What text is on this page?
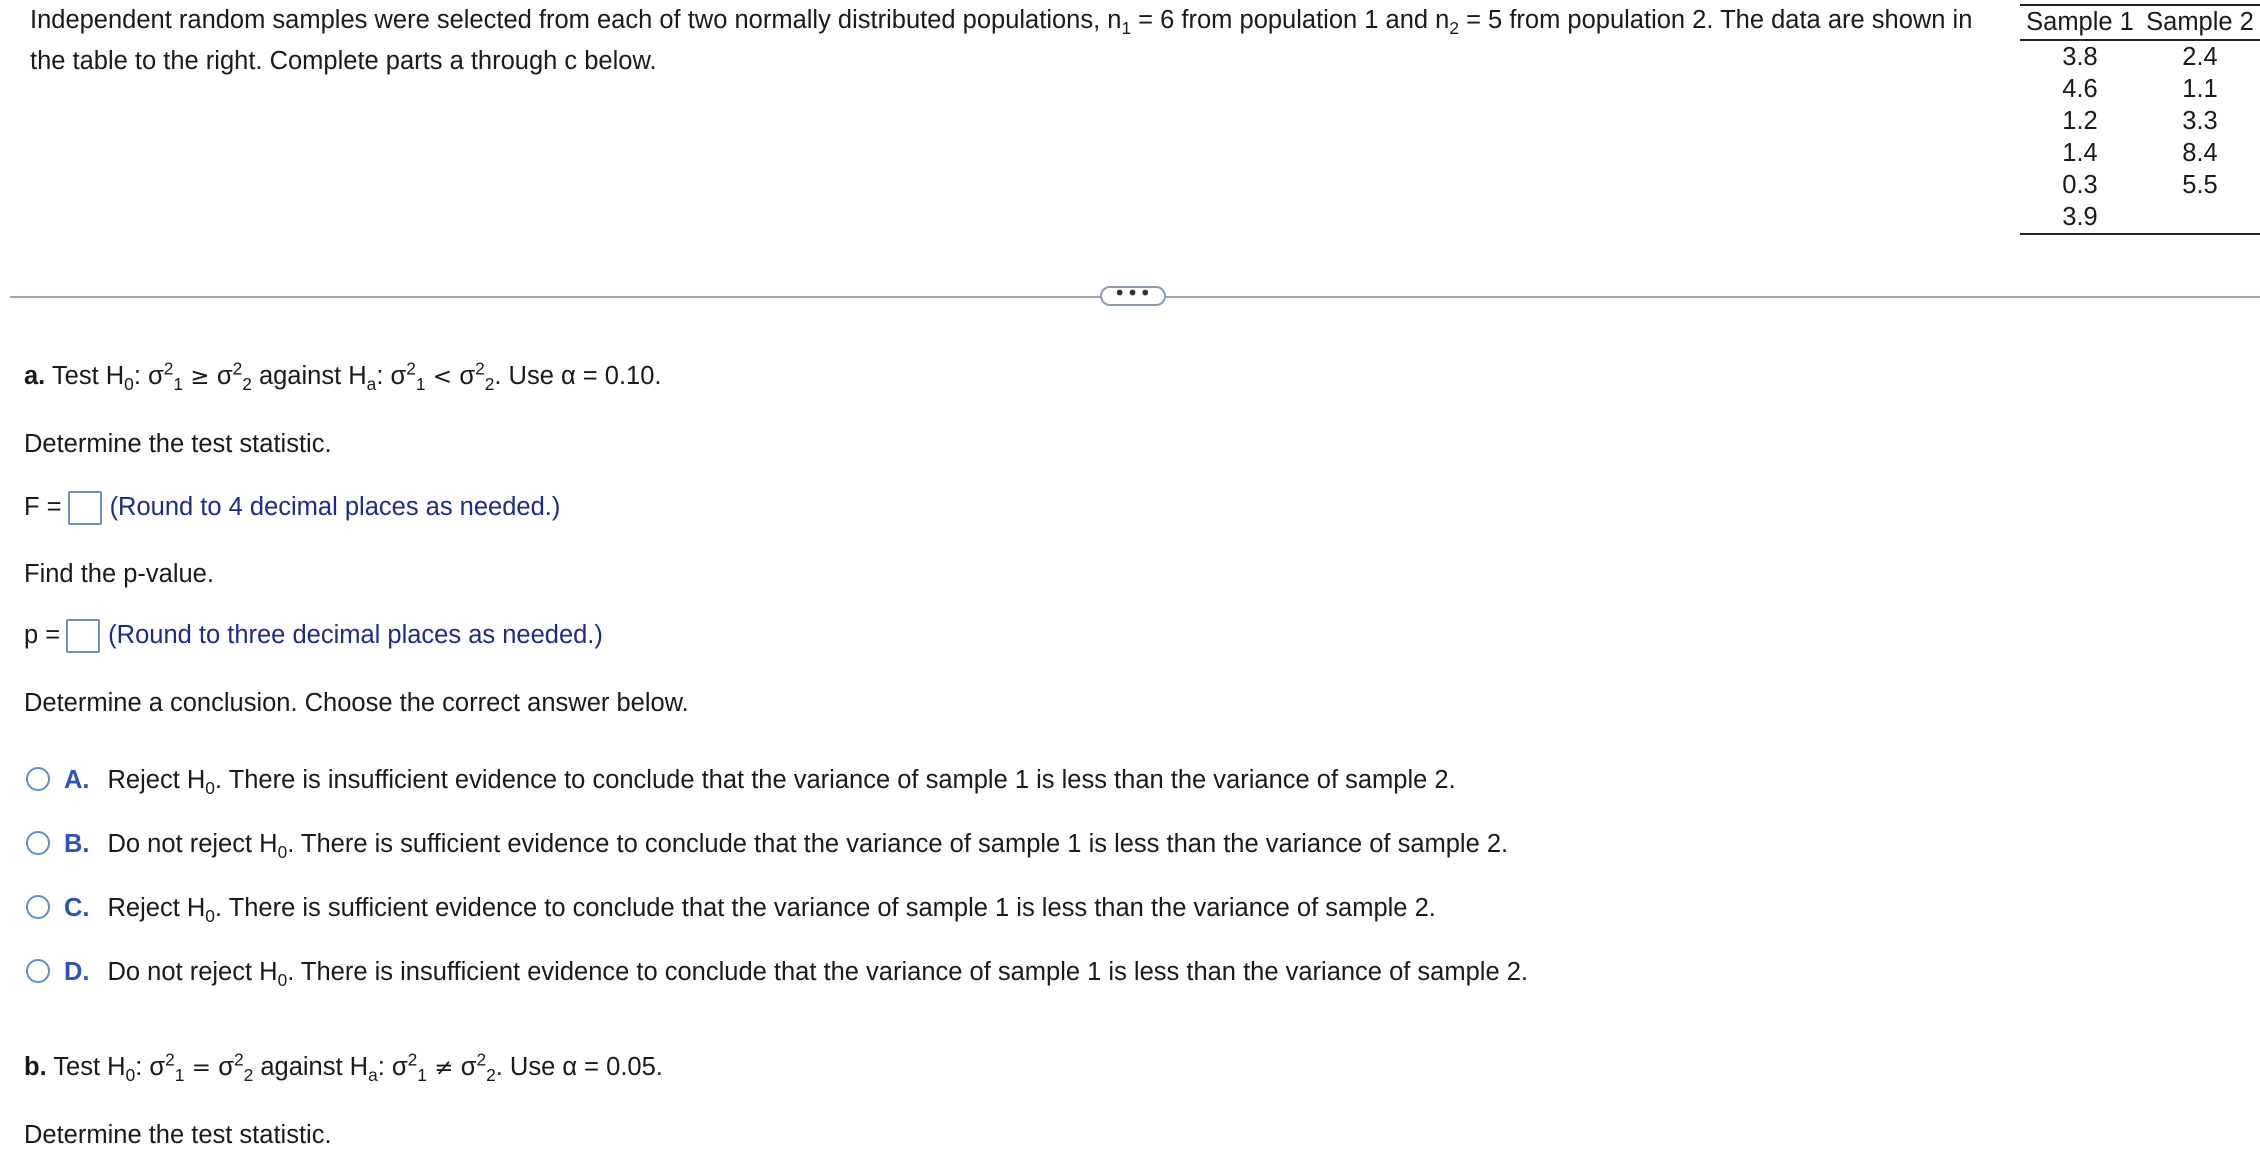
Independent random samples were selected from each of two normally distributed populations, $n_1 = 6$ from population 1 and $n_2 = 5$ from population 2. The data are shown in
the table to the right. Complete parts a through c below.
Sample 1	Sample 2
3.8	2.4
4.6	1.1
1.2	3.3
1.4	8.4
0.3	5.5
3.9	
•••
a. Test $H_0$: $\sigma^2_1 \ge \sigma^2_2$ against $H_a$: $\sigma^2_1 < \sigma^2_2$. Use α = 0.10.
Determine the test statistic.
F = (Round to 4 decimal places as needed.)
Find the p-value.
p = (Round to three decimal places as needed.)
Determine a conclusion. Choose the correct answer below.
A. Reject $H_0$. There is insufficient evidence to conclude that the variance of sample 1 is less than the variance of sample 2.
B. Do not reject $H_0$. There is sufficient evidence to conclude that the variance of sample 1 is less than the variance of sample 2.
C. Reject $H_0$. There is sufficient evidence to conclude that the variance of sample 1 is less than the variance of sample 2.
D. Do not reject $H_0$. There is insufficient evidence to conclude that the variance of sample 1 is less than the variance of sample 2.
b. Test $H_0$: $\sigma^2_1 = \sigma^2_2$ against $H_a$: $\sigma^2_1 \ne \sigma^2_2$. Use α = 0.05.
Determine the test statistic.
